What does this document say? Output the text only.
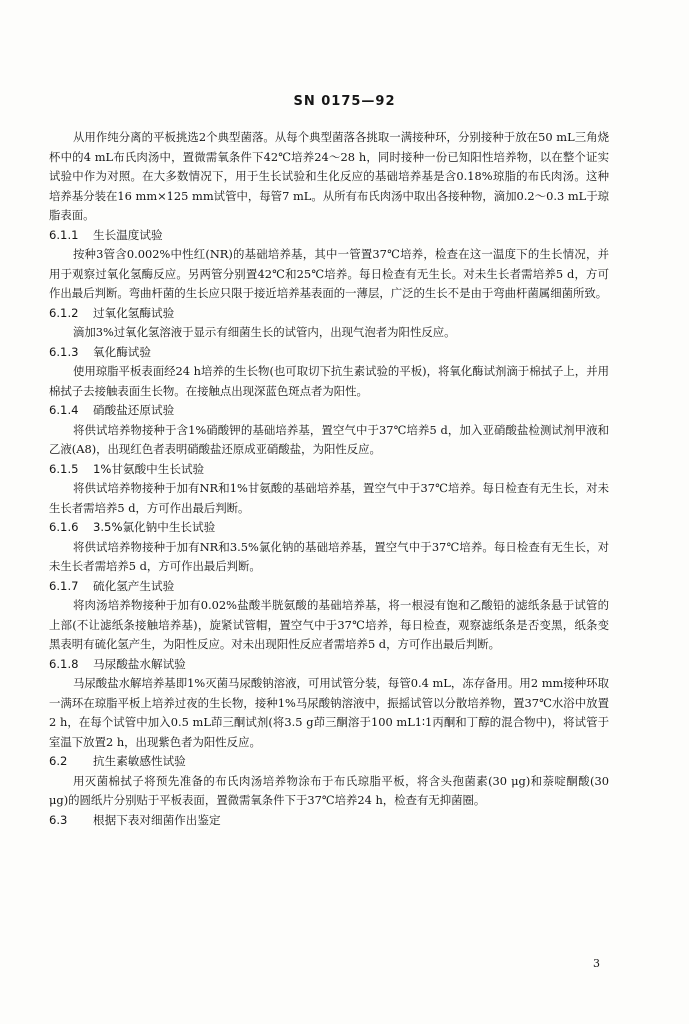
SN 0175—92

从用作纯分离的平板挑选2个典型菌落。从每个典型菌落各挑取一满接种环，分别接种于放在50 mL三角烧杯中的4 mL布氏肉汤中，置微需氧条件下42℃培养24～28 h，同时接种一份已知阳性培养物，以在整个证实试验中作为对照。在大多数情况下，用于生长试验和生化反应的基础培养基是含0.18%琼脂的布氏肉汤。这种培养基分装在16 mm×125 mm试管中，每管7 mL。从所有布氏肉汤中取出各接种物，滴加0.2～0.3 mL于琼脂表面。

6.1.1 生长温度试验

按种3管含0.002%中性红(NR)的基础培养基，其中一管置37℃培养，检查在这一温度下的生长情况，并用于观察过氧化氢酶反应。另两管分别置42℃和25℃培养。每日检查有无生长。对未生长者需培养5 d，方可作出最后判断。弯曲杆菌的生长应只限于接近培养基表面的一薄层，广泛的生长不是由于弯曲杆菌属细菌所致。

6.1.2 过氧化氢酶试验

滴加3%过氧化氢溶液于显示有细菌生长的试管内，出现气泡者为阳性反应。

6.1.3 氧化酶试验

使用琼脂平板表面经24 h培养的生长物(也可取切下抗生素试验的平板)，将氧化酶试剂滴于棉拭子上，并用棉拭子去接触表面生长物。在接触点出现深蓝色斑点者为阳性。

6.1.4 硝酸盐还原试验

将供试培养物接种于含1%硝酸钾的基础培养基，置空气中于37℃培养5 d，加入亚硝酸盐检测试剂甲液和乙液(A8)，出现红色者表明硝酸盐还原成亚硝酸盐，为阳性反应。

6.1.5 1%甘氨酸中生长试验

将供试培养物接种于加有NR和1%甘氨酸的基础培养基，置空气中于37℃培养。每日检查有无生长，对未生长者需培养5 d，方可作出最后判断。

6.1.6 3.5%氯化钠中生长试验

将供试培养物接种于加有NR和3.5%氯化钠的基础培养基，置空气中于37℃培养。每日检查有无生长，对未生长者需培养5 d，方可作出最后判断。

6.1.7 硫化氢产生试验

将肉汤培养物接种于加有0.02%盐酸半胱氨酸的基础培养基，将一根浸有饱和乙酸铅的滤纸条悬于试管的上部(不让滤纸条接触培养基)，旋紧试管帽，置空气中于37℃培养，每日检查，观察滤纸条是否变黑，纸条变黑表明有硫化氢产生，为阳性反应。对未出现阳性反应者需培养5 d，方可作出最后判断。

6.1.8 马尿酸盐水解试验

马尿酸盐水解培养基即1%灭菌马尿酸钠溶液，可用试管分装，每管0.4 mL，冻存备用。用2 mm接种环取一满环在琼脂平板上培养过夜的生长物，接种1%马尿酸钠溶液中，振摇试管以分散培养物，置37℃水浴中放置2 h，在每个试管中加入0.5 mL茚三酮试剂(将3.5 g茚三酮溶于100 mL1∶1丙酮和丁醇的混合物中)，将试管于室温下放置2 h，出现紫色者为阳性反应。

6.2 抗生素敏感性试验

用灭菌棉拭子将预先准备的布氏肉汤培养物涂布于布氏琼脂平板，将含头孢菌素(30 μg)和萘啶酮酸(30 μg)的圆纸片分别贴于平板表面，置微需氧条件下于37℃培养24 h，检查有无抑菌圈。

6.3 根据下表对细菌作出鉴定
3
